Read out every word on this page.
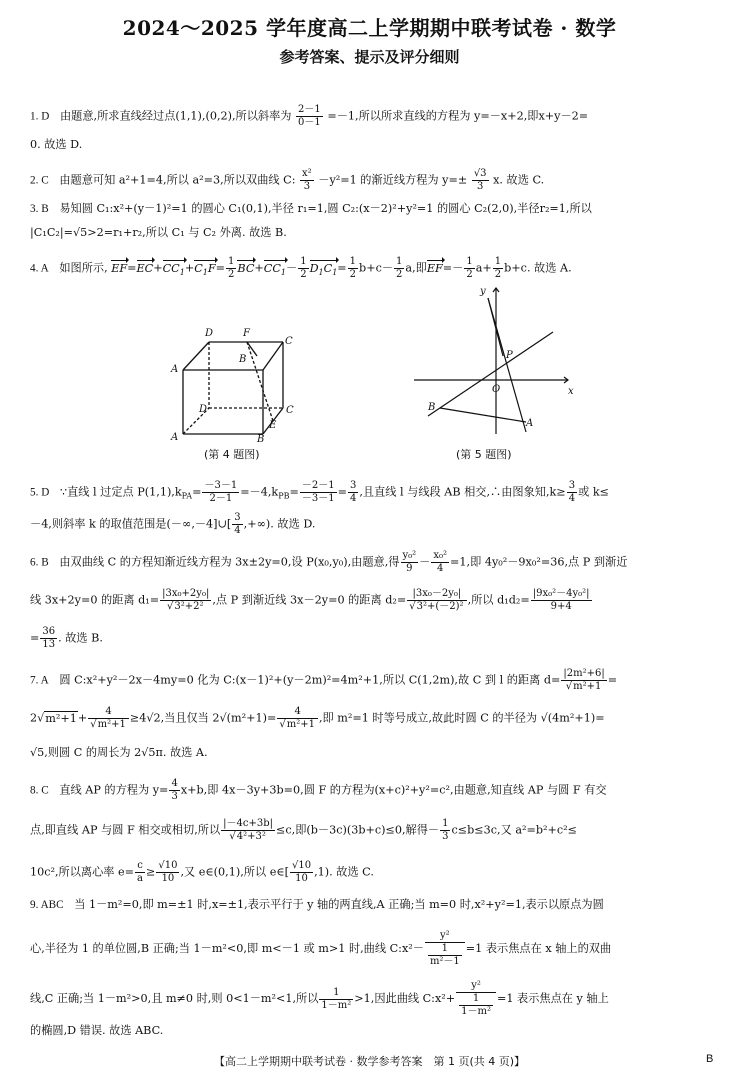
2024～2025 学年度高二上学期期中联考试卷 · 数学
参考答案、提示及评分细则
1. D 由题意,所求直线经过点(1,1),(0,2),所以斜率为 $\frac{2-1}{0-1} =-1$,所以所求直线的方程为 y=－x+2,即x+y－2=
0. 故选 D.
2. C 由题意可知 a²+1=4,所以 a²=3,所以双曲线 C: $\frac{\text{x²}}{3} -y^2=1$ 的渐近线方程为 $y=\pm \frac{√3}{3} x$. 故选 C.
3. B 易知圆 C₁:x²+(y－1)²=1 的圆心 C₁(0,1),半径 r₁=1,圆 C₂:(x－2)²+y²=1 的圆心 C₂(2,0),半径r₂=1,所以
|C₁C₂|=√5>2=r₁+r₂,所以 C₁ 与 C₂ 外离. 故选 B.
4. A 如图所示, $EF=EC+CC_1+C_1F= \frac{1}{2} BC+CC_1- \frac{1}{2} D_1C_1= \frac{1}{2} b+c- \frac{1}{2} a$,即$EF=- \frac{1}{2} a+ \frac{1}{2} b+c$. 故选 A.
D	F
C
B
A
D	C
E
A	B
(第 4 题图)
y
x
O
P
A
B
(第 5 题图)
5. D ∵直线 l 过定点 $P(1,1),k_{PA}= \frac{-3-1}{2-1} =-4,k_{PB}= \frac{-2-1}{-3-1} = \frac{3}{4}$ ,且直线 l 与线段 AB 相交,∴由图象知$,k\ge \frac{3}{4}$ 或 k≤
－4,则斜率 k 的取值范围是(－∞,－4]∪[ $\frac{3}{4}$ ,+∞). 故选 D.
6. B 由双曲线 C 的方程知渐近线方程为 3x±2y=0,设 P(x₀,y₀),由题意,得 $\frac{\text{y₀²}}{9} - \frac{\text{x₀²}}{4} =1$,即 4y₀²－9x₀²=36,点 P 到渐近
线 3x+2y=0 的距离 $d_1= \frac{\text{|3x₀+2y₀|}}{\text{√3²+2²}}$ ,点 P 到渐近线 3x－2y=0 的距离 $d_2= \frac{\text{|3x₀－2y₀|}}{\text{√3²+(－2)²}}$ ,所以 $d_1d_2= \frac{\text{|9x₀²－4y₀²|}}{9+4}$
= $\frac{36}{13}$ . 故选 B.
7. A 圆 C:x²+y²－2x－4my=0 化为 C:(x－1)²+(y－2m)²=4m²+1,所以 C(1,2m),故 C 到 l 的距离 $d= \frac{\text{|2m²+6|}}{\text{√m²+1}}$ =
$2√m^2+1+ \frac{4}{\text{√m²+1}} \ge 4√2$,当且仅当 $2√(m^2+1)= \frac{4}{\text{√m²+1}}$ ,即 m²=1 时等号成立,故此时圆 C 的半径为 √(4m²+1)=
√5,则圆 C 的周长为 2√5π. 故选 A.
8. C 直线 AP 的方程为 $y= \frac{4}{3} x+b$,即 4x－3y+3b=0,圆 F 的方程为(x+c)²+y²=c²,由题意,知直线 AP 与圆 F 有交
点,即直线 AP 与圆 F 相交或相切,所以 $\frac{|-4c+3b|}{\text{√4²+3²}} \le c$,即(b－3c)(3b+c)≤0,解得－ $\frac{1}{3} c\le b\le 3c$,又 a²=b²+c²≤
10c²,所以离心率 $e= \frac{c}{a} \ge \frac{√10}{10}$ ,又 e∈(0,1),所以 e∈[ $\frac{√10}{10} ,1$). 故选 C.
9. ABC 当 1－m²=0,即 m=±1 时,x=±1,表示平行于 y 轴的两直线,A 正确;当 m=0 时,x²+y²=1,表示以原点为圆
心,半径为 1 的单位圆,B 正确;当 1－m²<0,即 m<－1 或 m>1 时,曲线 C:x²－ $\frac{\text{y²}}{\frac{1}{\text{m²－1}}} =1$ 表示焦点在 x 轴上的双曲
线,C 正确;当 1－m²>0,且 m≠0 时,则 0<1－m²<1,所以 $\frac{1}{\text{1－m²}} >1$,因此曲线 C:x²+ $\frac{\text{y²}}{\frac{1}{\text{1－m²}}} =1$ 表示焦点在 y 轴上
的椭圆,D 错误. 故选 ABC.
【高二上学期期中联考试卷 · 数学参考答案　第 1 页(共 4 页)】	B
